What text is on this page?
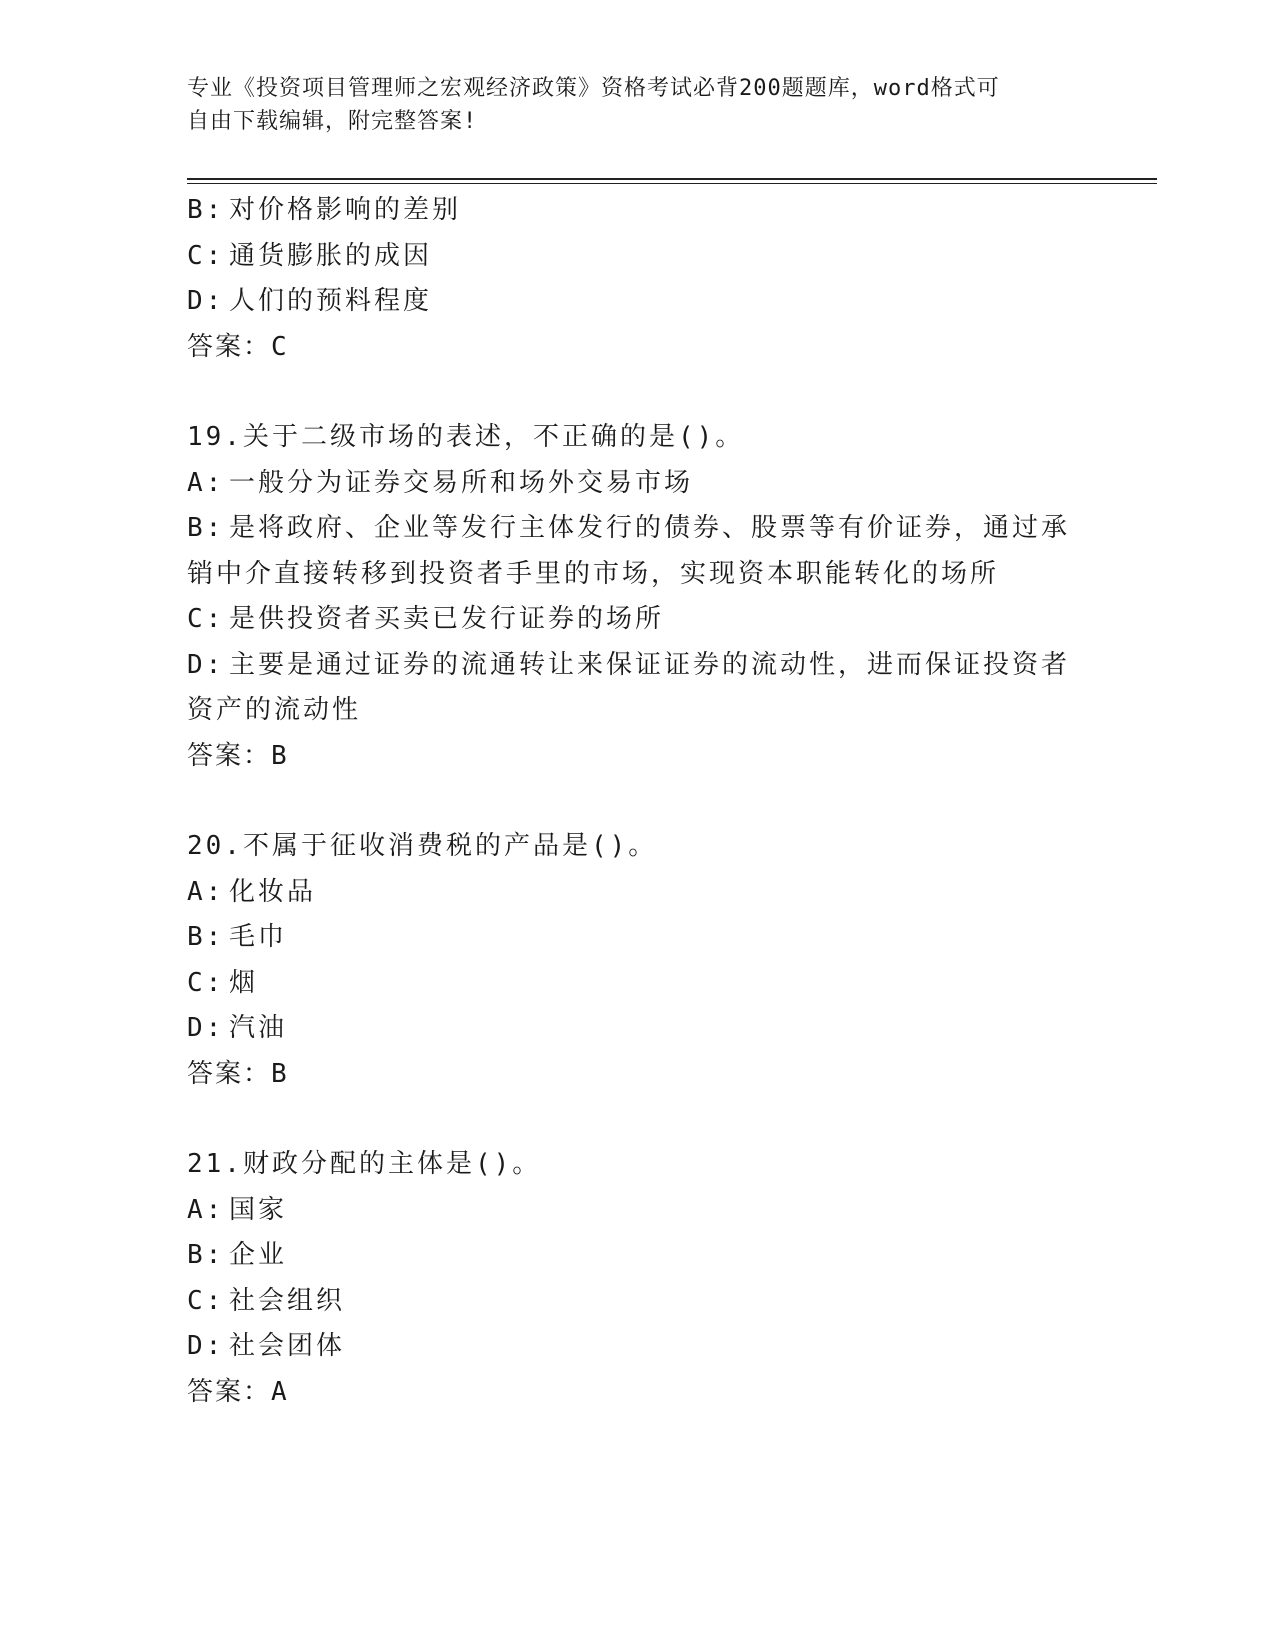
专业《投资项目管理师之宏观经济政策》资格考试必背200题题库，word格式可
自由下载编辑，附完整答案!
B: 对价格影响的差别
C: 通货膨胀的成因
D: 人们的预料程度
答案：C
19.关于二级市场的表述，不正确的是()。
A: 一般分为证券交易所和场外交易市场
B: 是将政府、企业等发行主体发行的债券、股票等有价证券，通过承
销中介直接转移到投资者手里的市场，实现资本职能转化的场所
C: 是供投资者买卖已发行证券的场所
D: 主要是通过证券的流通转让来保证证券的流动性，进而保证投资者
资产的流动性
答案：B
20.不属于征收消费税的产品是()。
A: 化妆品
B: 毛巾
C: 烟
D: 汽油
答案：B
21.财政分配的主体是()。
A: 国家
B: 企业
C: 社会组织
D: 社会团体
答案：A
